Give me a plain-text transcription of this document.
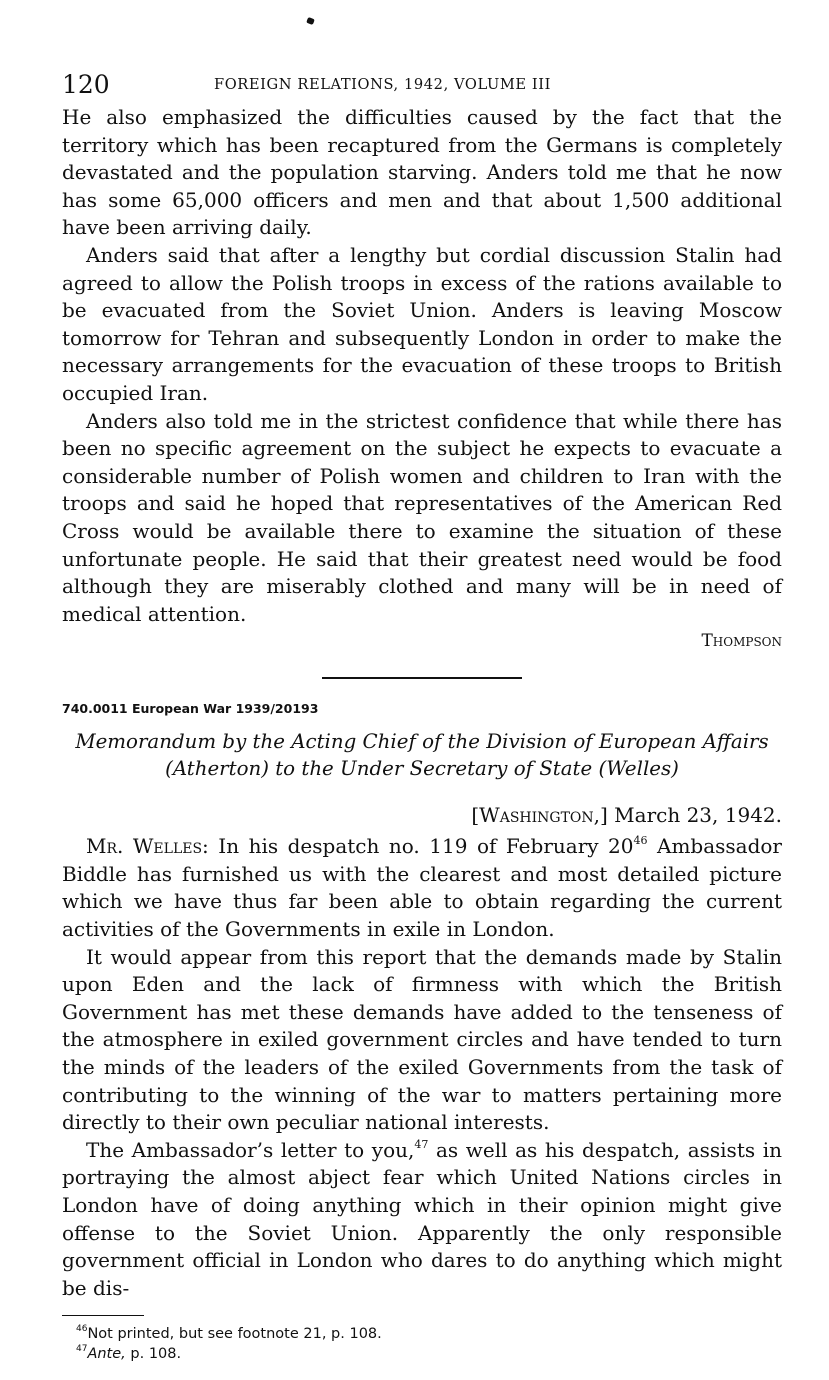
120	FOREIGN RELATIONS, 1942, VOLUME III

He also emphasized the difficulties caused by the fact that the territory which has been recaptured from the Germans is completely devastated and the population starving. Anders told me that he now has some 65,000 officers and men and that about 1,500 additional have been arriving daily.

Anders said that after a lengthy but cordial discussion Stalin had agreed to allow the Polish troops in excess of the rations available to be evacuated from the Soviet Union. Anders is leaving Moscow tomorrow for Tehran and subsequently London in order to make the necessary arrangements for the evacuation of these troops to British occupied Iran.

Anders also told me in the strictest confidence that while there has been no specific agreement on the subject he expects to evacuate a considerable number of Polish women and children to Iran with the troops and said he hoped that representatives of the American Red Cross would be available there to examine the situation of these unfortunate people. He said that their greatest need would be food although they are miserably clothed and many will be in need of medical attention.

Thompson
740.0011 European War 1939/20193
Memorandum by the Acting Chief of the Division of European Affairs
(Atherton) to the Under Secretary of State (Welles)
[Washington,] March 23, 1942.

Mr. Welles: In his despatch no. 119 of February $20^{46}$ Ambassador Biddle has furnished us with the clearest and most detailed picture which we have thus far been able to obtain regarding the current activities of the Governments in exile in London.

It would appear from this report that the demands made by Stalin upon Eden and the lack of firmness with which the British Government has met these demands have added to the tenseness of the atmosphere in exiled government circles and have tended to turn the minds of the leaders of the exiled Governments from the task of contributing to the winning of the war to matters pertaining more directly to their own peculiar national interests.

The Ambassador’s letter to you,$^{47}$ as well as his despatch, assists in portraying the almost abject fear which United Nations circles in London have of doing anything which in their opinion might give offense to the Soviet Union. Apparently the only responsible government official in London who dares to do anything which might be dis-

$^{46}$Not printed, but see footnote 21, p. 108.
$^{47}$Ante, p. 108.
